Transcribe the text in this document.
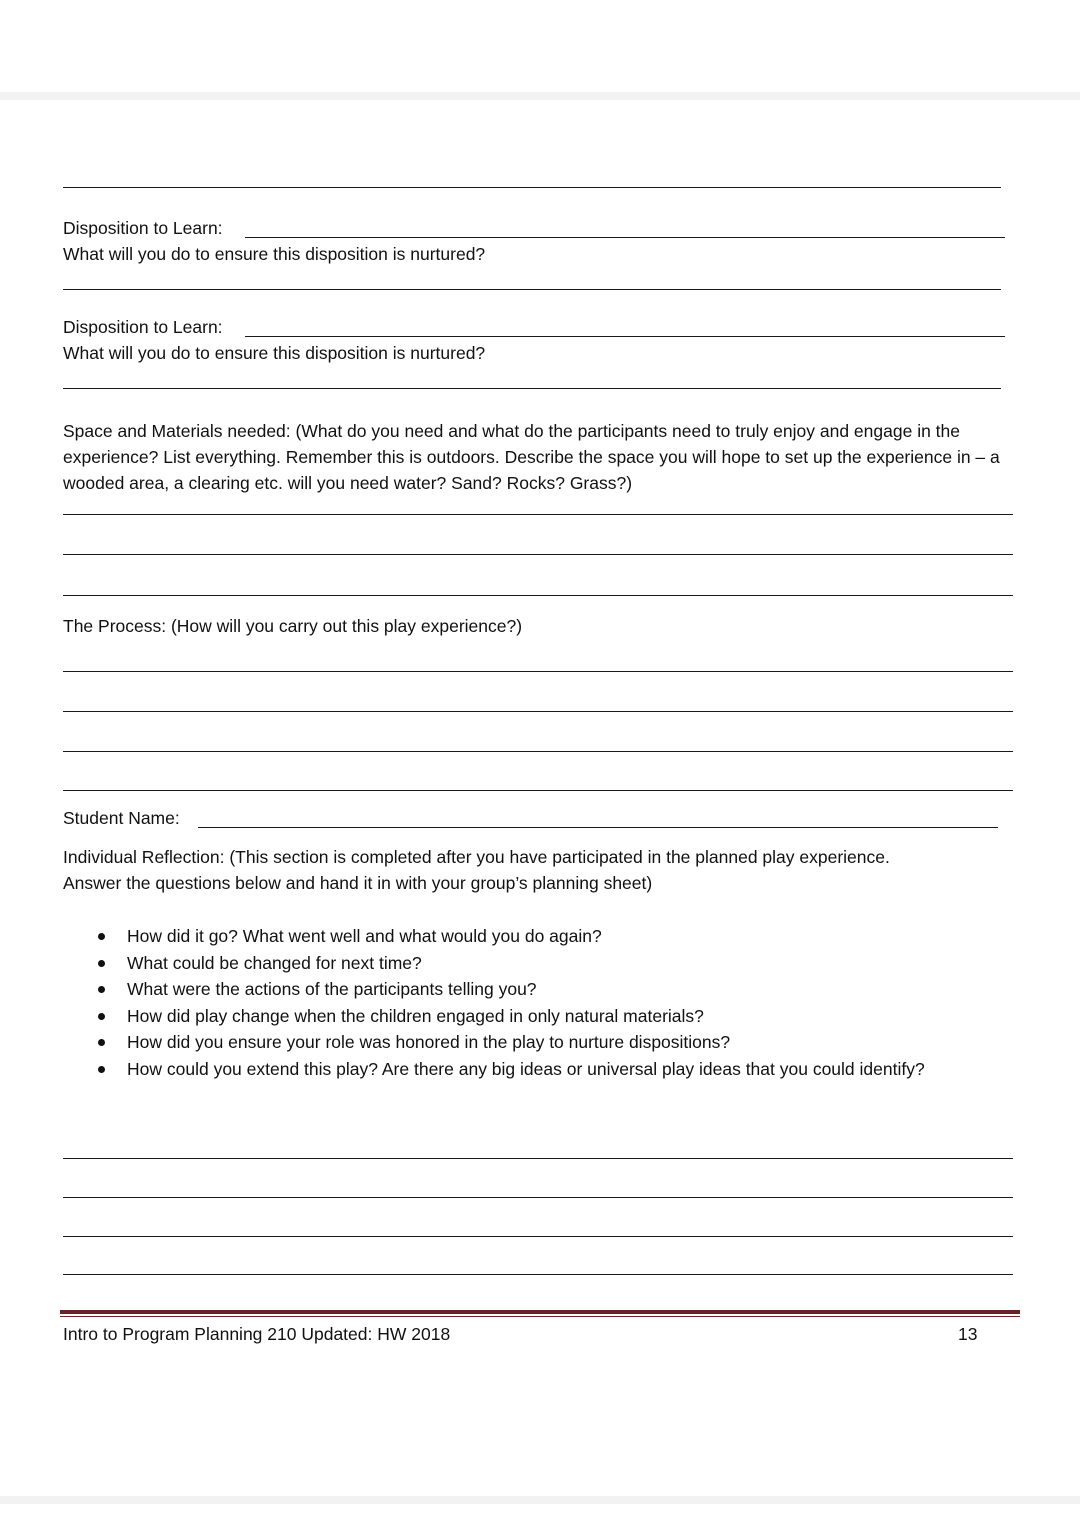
Disposition to Learn:
What will you do to ensure this disposition is nurtured?
Disposition to Learn:
What will you do to ensure this disposition is nurtured?
Space and Materials needed: (What do you need and what do the participants need to truly enjoy and engage in the experience? List everything. Remember this is outdoors. Describe the space you will hope to set up the experience in – a wooded area, a clearing etc. will you need water? Sand? Rocks? Grass?)
The Process: (How will you carry out this play experience?)
Student Name:
Individual Reflection: (This section is completed after you have participated in the planned play experience.
Answer the questions below and hand it in with your group’s planning sheet)
How did it go? What went well and what would you do again?
What could be changed for next time?
What were the actions of the participants telling you?
How did play change when the children engaged in only natural materials?
How did you ensure your role was honored in the play to nurture dispositions?
How could you extend this play? Are there any big ideas or universal play ideas that you could identify?
Intro to Program Planning 210 Updated: HW 2018	13
